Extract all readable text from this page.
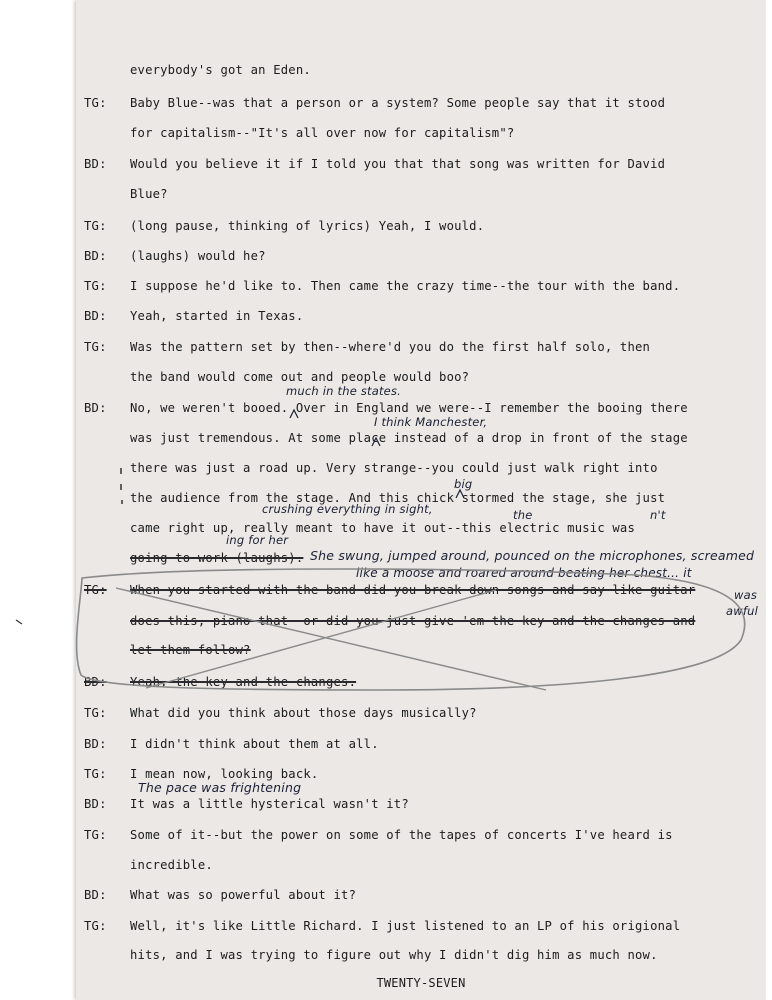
everybody's got an Eden.
TG: Baby Blue--was that a person or a system? Some people say that it stood
for capitalism--"It's all over now for capitalism"?
BD: Would you believe it if I told you that that song was written for David
Blue?
TG: (long pause, thinking of lyrics) Yeah, I would.
BD: (laughs) would he?
TG: I suppose he'd like to. Then came the crazy time--the tour with the band.
BD: Yeah, started in Texas.
TG: Was the pattern set by then--where'd you do the first half solo, then
the band would come out and people would boo?
BD: No, we weren't booed. Over in England we were--I remember the booing there
was just tremendous. At some place instead of a drop in front of the stage
there was just a road up. Very strange--you could just walk right into
the audience from the stage. And this chick stormed the stage, she just
came right up, really meant to have it out--this electric music was
going to work (laughs).
TG: When you started with the band did you break down songs and say like guitar
does this, piano that--or did you just give 'em the key and the changes and
let them follow?
BD: Yeah, the key and the changes.
TG: What did you think about those days musically?
BD: I didn't think about them at all.
TG: I mean now, looking back.
BD: It was a little hysterical wasn't it?
TG: Some of it--but the power on some of the tapes of concerts I've heard is
incredible.
BD: What was so powerful about it?
TG: Well, it's like Little Richard. I just listened to an LP of his origional
hits, and I was trying to figure out why I didn't dig him as much now.
much in the states.
I think Manchester,
big
crushing everything in sight,	the	n't
ing for her
She swung, jumped around, pounced on the microphones, screamed
like a moose and roared around beating her chest... it
was
awful
The pace was frightening
TWENTY-SEVEN
